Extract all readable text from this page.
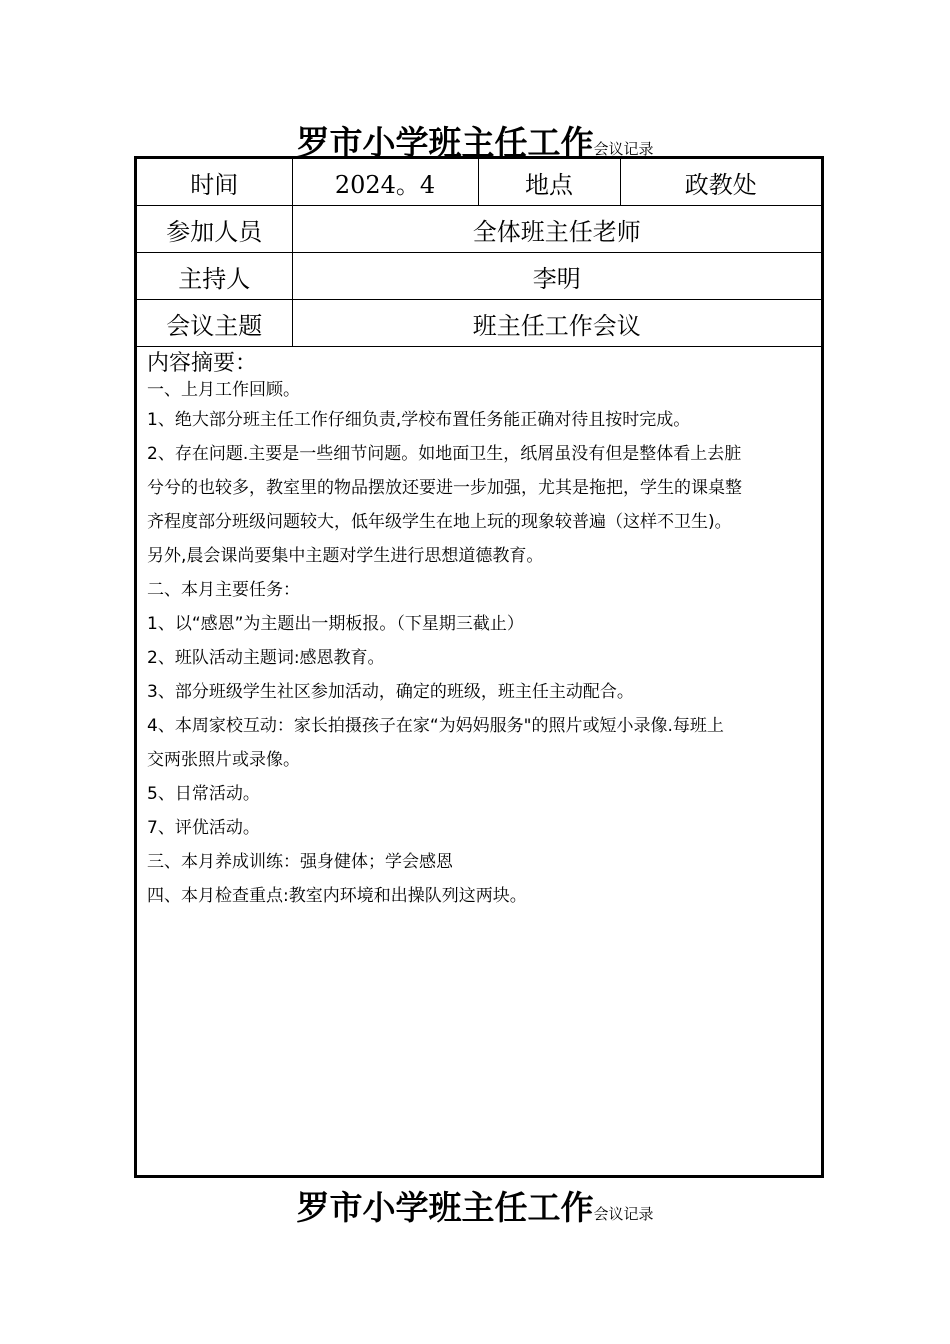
罗市小学班主任工作会议记录
时间	2024。4	地点	政教处
参加人员	全体班主任老师		
主持人	李明		
会议主题	班主任工作会议		
内容摘要：

一、上月工作回顾。

1、绝大部分班主任工作仔细负责,学校布置任务能正确对待且按时完成。

2、存在问题.主要是一些细节问题。如地面卫生，纸屑虽没有但是整体看上去脏

兮兮的也较多，教室里的物品摆放还要进一步加强，尤其是拖把，学生的课桌整

齐程度部分班级问题较大，低年级学生在地上玩的现象较普遍（这样不卫生)。

另外,晨会课尚要集中主题对学生进行思想道德教育。

二、本月主要任务：

1、以“感恩”为主题出一期板报。（下星期三截止）

2、班队活动主题词:感恩教育。

3、部分班级学生社区参加活动，确定的班级，班主任主动配合。

4、本周家校互动：家长拍摄孩子在家“为妈妈服务"的照片或短小录像.每班上

交两张照片或录像。

5、日常活动。

7、评优活动。

三、本月养成训练：强身健体；学会感恩

四、本月检查重点:教室内环境和出操队列这两块。

罗市小学班主任工作会议记录
